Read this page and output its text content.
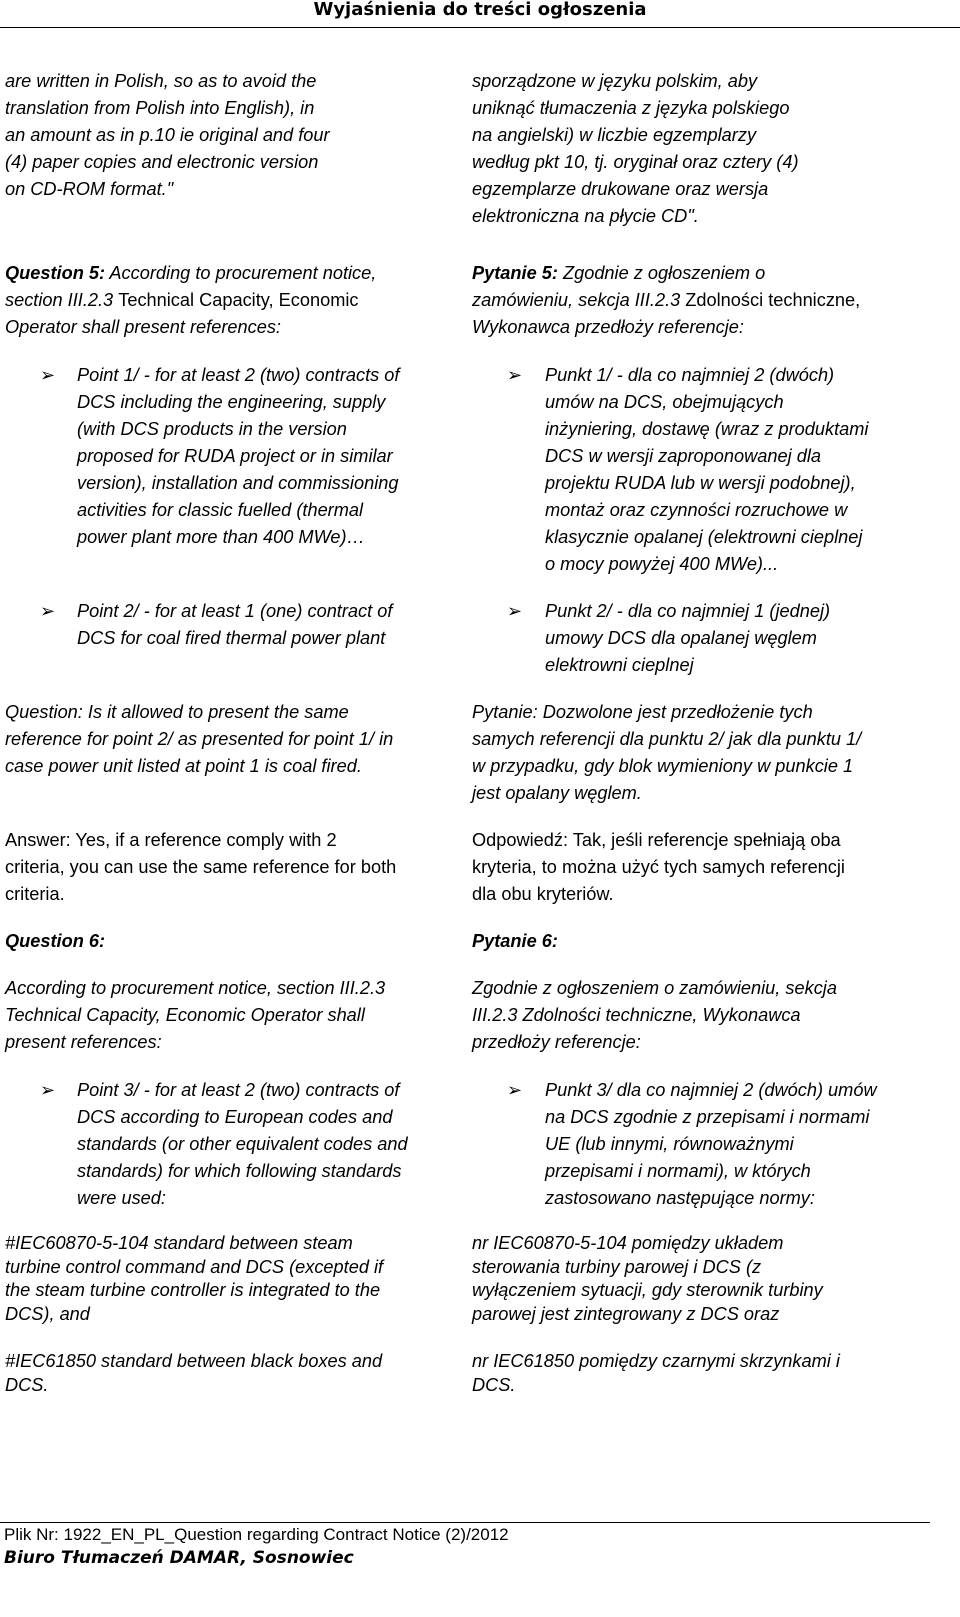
Wyjaśnienia do treści ogłoszenia

are written in Polish, so as to avoid the
translation from Polish into English), in
an amount as in p.10 ie original and four
(4) paper copies and electronic version
on CD-ROM format."

Question 5: According to procurement notice,
section III.2.3 Technical Capacity, Economic
Operator shall present references:

➢ Point 1/ - for at least 2 (two) contracts of
DCS including the engineering, supply
(with DCS products in the version
proposed for RUDA project or in similar
version), installation and commissioning
activities for classic fuelled (thermal
power plant more than 400 MWe)…

➢ Point 2/ - for at least 1 (one) contract of
DCS for coal fired thermal power plant

Question: Is it allowed to present the same
reference for point 2/ as presented for point 1/ in
case power unit listed at point 1 is coal fired.

Answer: Yes, if a reference comply with 2
criteria, you can use the same reference for both
criteria.

Question 6:

According to procurement notice, section III.2.3
Technical Capacity, Economic Operator shall
present references:

➢ Point 3/ - for at least 2 (two) contracts of
DCS according to European codes and
standards (or other equivalent codes and
standards) for which following standards
were used:

#IEC60870-5-104 standard between steam
turbine control command and DCS (excepted if
the steam turbine controller is integrated to the
DCS), and

#IEC61850 standard between black boxes and
DCS.

sporządzone w języku polskim, aby
uniknąć tłumaczenia z języka polskiego
na angielski) w liczbie egzemplarzy
według pkt 10, tj. oryginał oraz cztery (4)
egzemplarze drukowane oraz wersja
elektroniczna na płycie CD".

Pytanie 5: Zgodnie z ogłoszeniem o
zamówieniu, sekcja III.2.3 Zdolności techniczne,
Wykonawca przedłoży referencje:

➢ Punkt 1/ - dla co najmniej 2 (dwóch)
umów na DCS, obejmujących
inżyniering, dostawę (wraz z produktami
DCS w wersji zaproponowanej dla
projektu RUDA lub w wersji podobnej),
montaż oraz czynności rozruchowe w
klasycznie opalanej (elektrowni cieplnej
o mocy powyżej 400 MWe)...

➢ Punkt 2/ - dla co najmniej 1 (jednej)
umowy DCS dla opalanej węglem
elektrowni cieplnej

Pytanie: Dozwolone jest przedłożenie tych
samych referencji dla punktu 2/ jak dla punktu 1/
w przypadku, gdy blok wymieniony w punkcie 1
jest opalany węglem.

Odpowiedź: Tak, jeśli referencje spełniają oba
kryteria, to można użyć tych samych referencji
dla obu kryteriów.

Pytanie 6:

Zgodnie z ogłoszeniem o zamówieniu, sekcja
III.2.3 Zdolności techniczne, Wykonawca
przedłoży referencje:

➢ Punkt 3/ dla co najmniej 2 (dwóch) umów
na DCS zgodnie z przepisami i normami
UE (lub innymi, równoważnymi
przepisami i normami), w których
zastosowano następujące normy:

nr IEC60870-5-104 pomiędzy układem
sterowania turbiny parowej i DCS (z
wyłączeniem sytuacji, gdy sterownik turbiny
parowej jest zintegrowany z DCS oraz

nr IEC61850 pomiędzy czarnymi skrzynkami i
DCS.

Plik Nr: 1922_EN_PL_Question regarding Contract Notice (2)/2012
Biuro Tłumaczeń DAMAR, Sosnowiec
